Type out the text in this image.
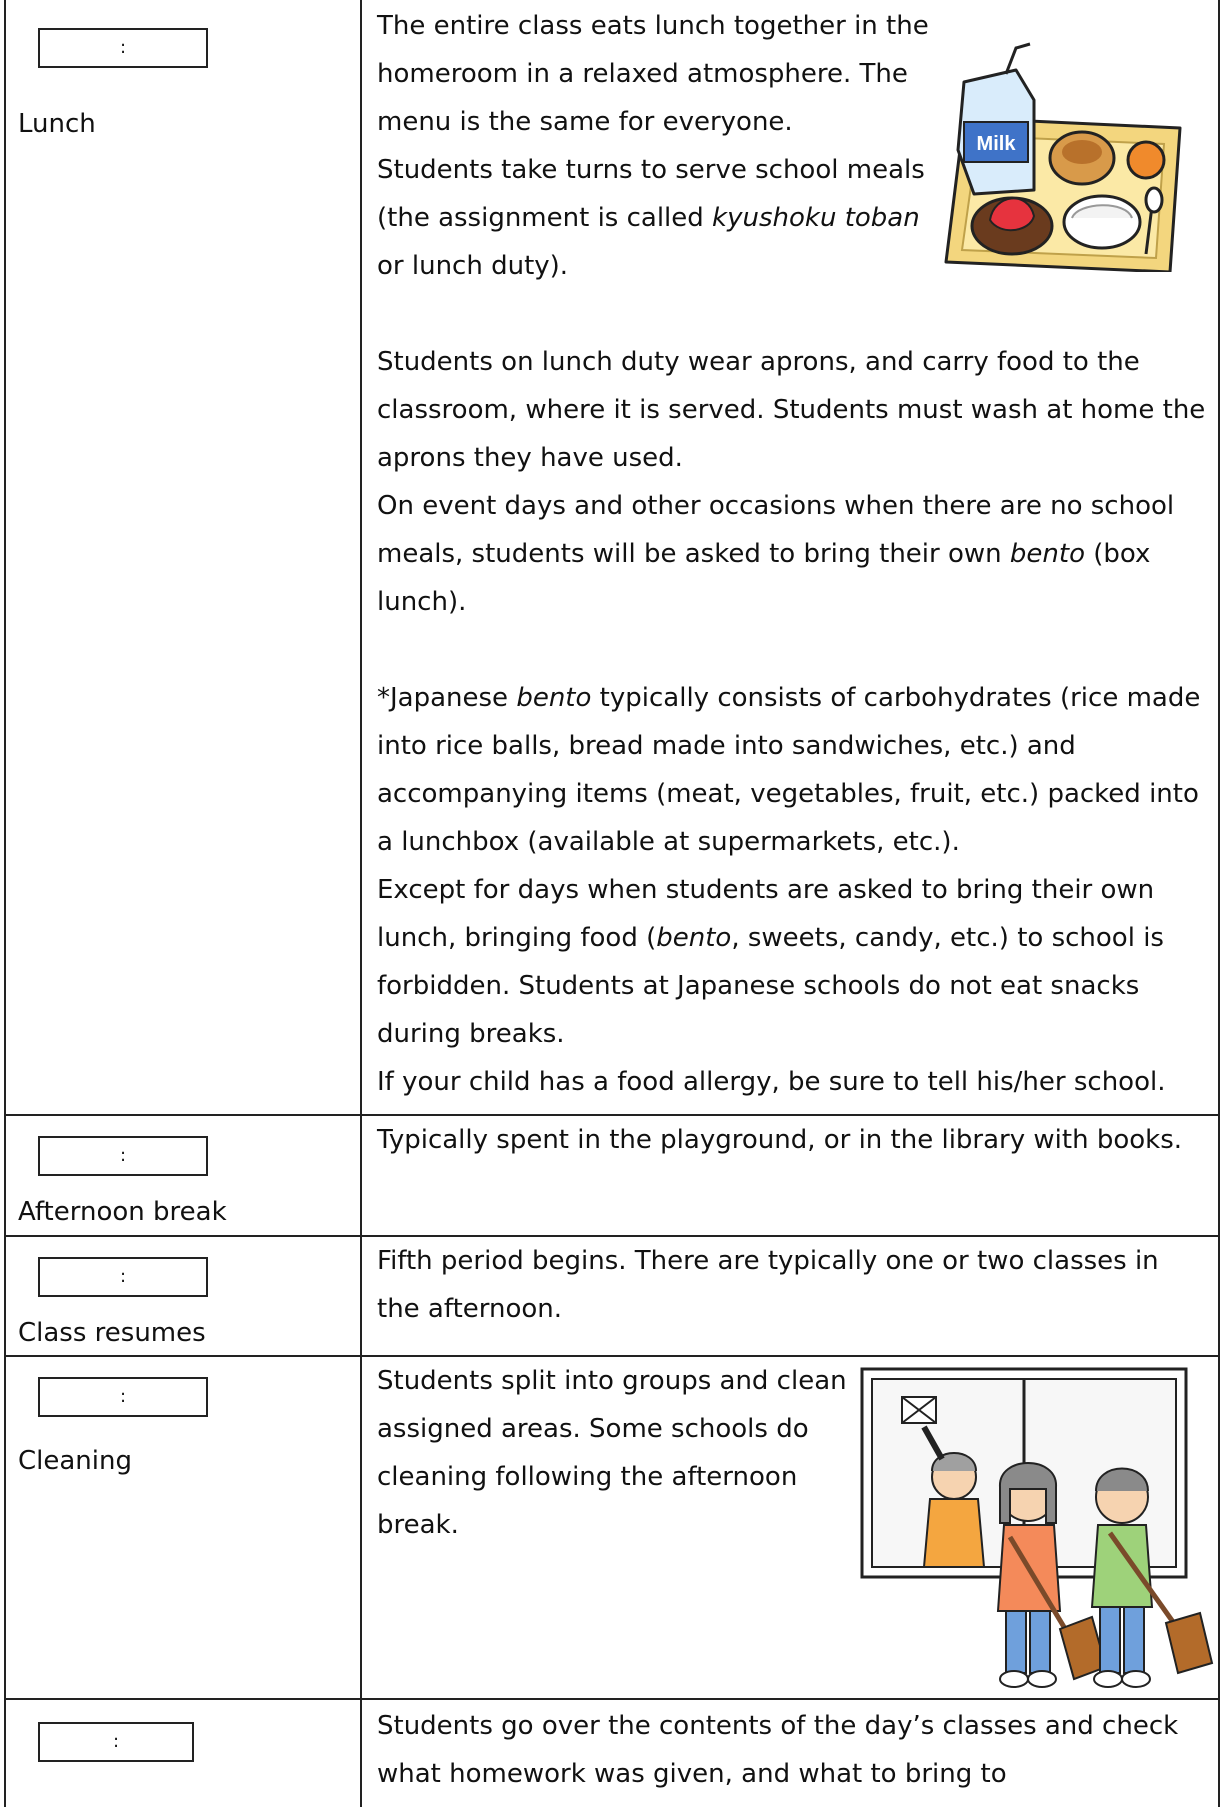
:
Lunch

The entire class eats lunch together in the homeroom in a relaxed atmosphere. The menu is the same for everyone.

Students take turns to serve school meals (the assignment is called kyushoku toban or lunch duty).

Students on lunch duty wear aprons, and carry food to the classroom, where it is served. Students must wash at home the aprons they have used.

On event days and other occasions when there are no school meals, students will be asked to bring their own bento (box lunch).

*Japanese bento typically consists of carbohydrates (rice made into rice balls, bread made into sandwiches, etc.) and accompanying items (meat, vegetables, fruit, etc.) packed into a lunchbox (available at supermarkets, etc.).

Except for days when students are asked to bring their own lunch, bringing food (bento, sweets, candy, etc.) to school is forbidden. Students at Japanese schools do not eat snacks during breaks.

If your child has a food allergy, be sure to tell his/her school.

Milk
:
Afternoon break

Typically spent in the playground, or in the library with books.

:
Class resumes

Fifth period begins. There are typically one or two classes in the afternoon.

:
Cleaning

Students split into groups and clean assigned areas. Some schools do cleaning following the afternoon break.

:

Students go over the contents of the day’s classes and check what homework was given, and what to bring to
